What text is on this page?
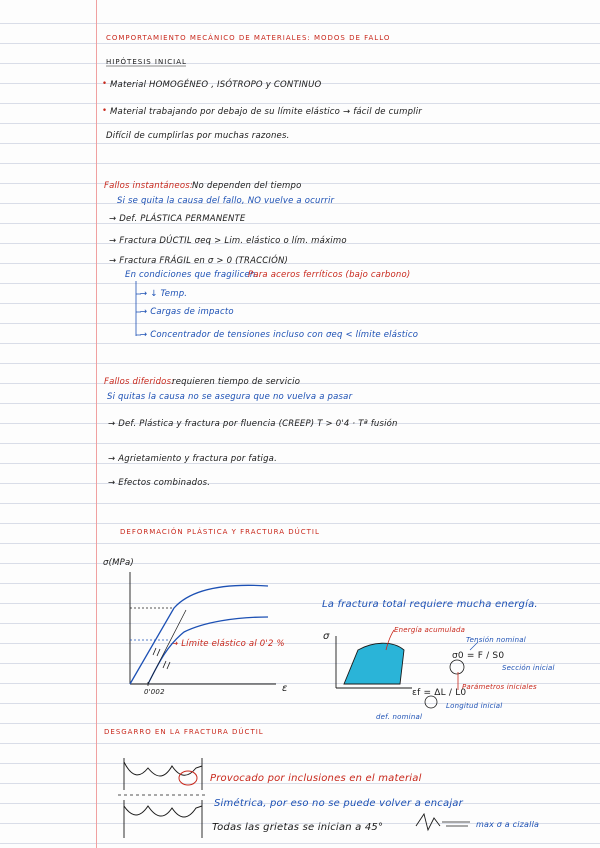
COMPORTAMIENTO MECÁNICO DE MATERIALES: MODOS DE FALLO
HIPÓTESIS INICIAL
• Material HOMOGÉNEO , ISÓTROPO y CONTINUO
• Material trabajando por debajo de su límite elástico → fácil de cumplir
Difícil de cumplirlas por muchas razones.
Fallos instantáneos: No dependen del tiempo
Si se quita la causa del fallo, NO vuelve a ocurrir
→ Def. PLÁSTICA PERMANENTE
→ Fractura DÚCTIL σeq > Lim. elástico o lím. máximo
→ Fractura FRÁGIL en σ > 0 (TRACCIÓN)
En condiciones que fragilicen.
Para aceros ferríticos (bajo carbono)
→ ↓ Temp.
→ Cargas de impacto
→ Concentrador de tensiones incluso con σeq < límite elástico
Fallos diferidos:
requieren tiempo de servicio
Si quitas la causa no se asegura que no vuelva a pasar
→ Def. Plástica y fractura por fluencia (CREEP) T > 0'4 · Tª fusión
→ Agrietamiento y fractura por fatiga.
→ Efectos combinados.
DEFORMACIÓN PLÁSTICA Y FRACTURA DÚCTIL
σ(MPa)
ε
0'002
→ Límite elástico al 0'2 %
La fractura total requiere mucha energía.
σ
Energía acumulada
Tensión nominal
σ0 = F / S0
Sección inicial
Parámetros iniciales
εf = ΔL / L0
Longitud inicial
def. nominal
DESGARRO EN LA FRACTURA DÚCTIL
Provocado por inclusiones en el material
Simétrica, por eso no se puede volver a encajar
Todas las grietas se inician a 45°	max σ a cizalla
